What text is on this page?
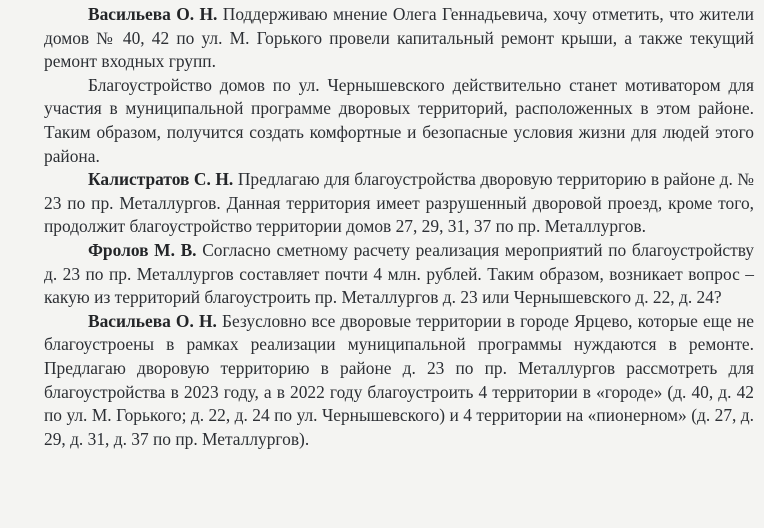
Васильева О. Н. Поддерживаю мнение Олега Геннадьевича, хочу отметить, что жители домов № 40, 42 по ул. М. Горького провели капитальный ремонт крыши, а также текущий ремонт входных групп.

Благоустройство домов по ул. Чернышевского действительно станет мотиватором для участия в муниципальной программе дворовых территорий, расположенных в этом районе. Таким образом, получится создать комфортные и безопасные условия жизни для людей этого района.

Калистратов С. Н. Предлагаю для благоустройства дворовую территорию в районе д. № 23 по пр. Металлургов. Данная территория имеет разрушенный дворовой проезд, кроме того, продолжит благоустройство территории домов 27, 29, 31, 37 по пр. Металлургов.

Фролов М. В. Согласно сметному расчету реализация мероприятий по благоустройству д. 23 по пр. Металлургов составляет почти 4 млн. рублей. Таким образом, возникает вопрос – какую из территорий благоустроить пр. Металлургов д. 23 или Чернышевского д. 22, д. 24?

Васильева О. Н. Безусловно все дворовые территории в городе Ярцево, которые еще не благоустроены в рамках реализации муниципальной программы нуждаются в ремонте. Предлагаю дворовую территорию в районе д. 23 по пр. Металлургов рассмотреть для благоустройства в 2023 году, а в 2022 году благоустроить 4 территории в «городе» (д. 40, д. 42 по ул. М. Горького; д. 22, д. 24 по ул. Чернышевского) и 4 территории на «пионерном» (д. 27, д. 29, д. 31, д. 37 по пр. Металлургов).
